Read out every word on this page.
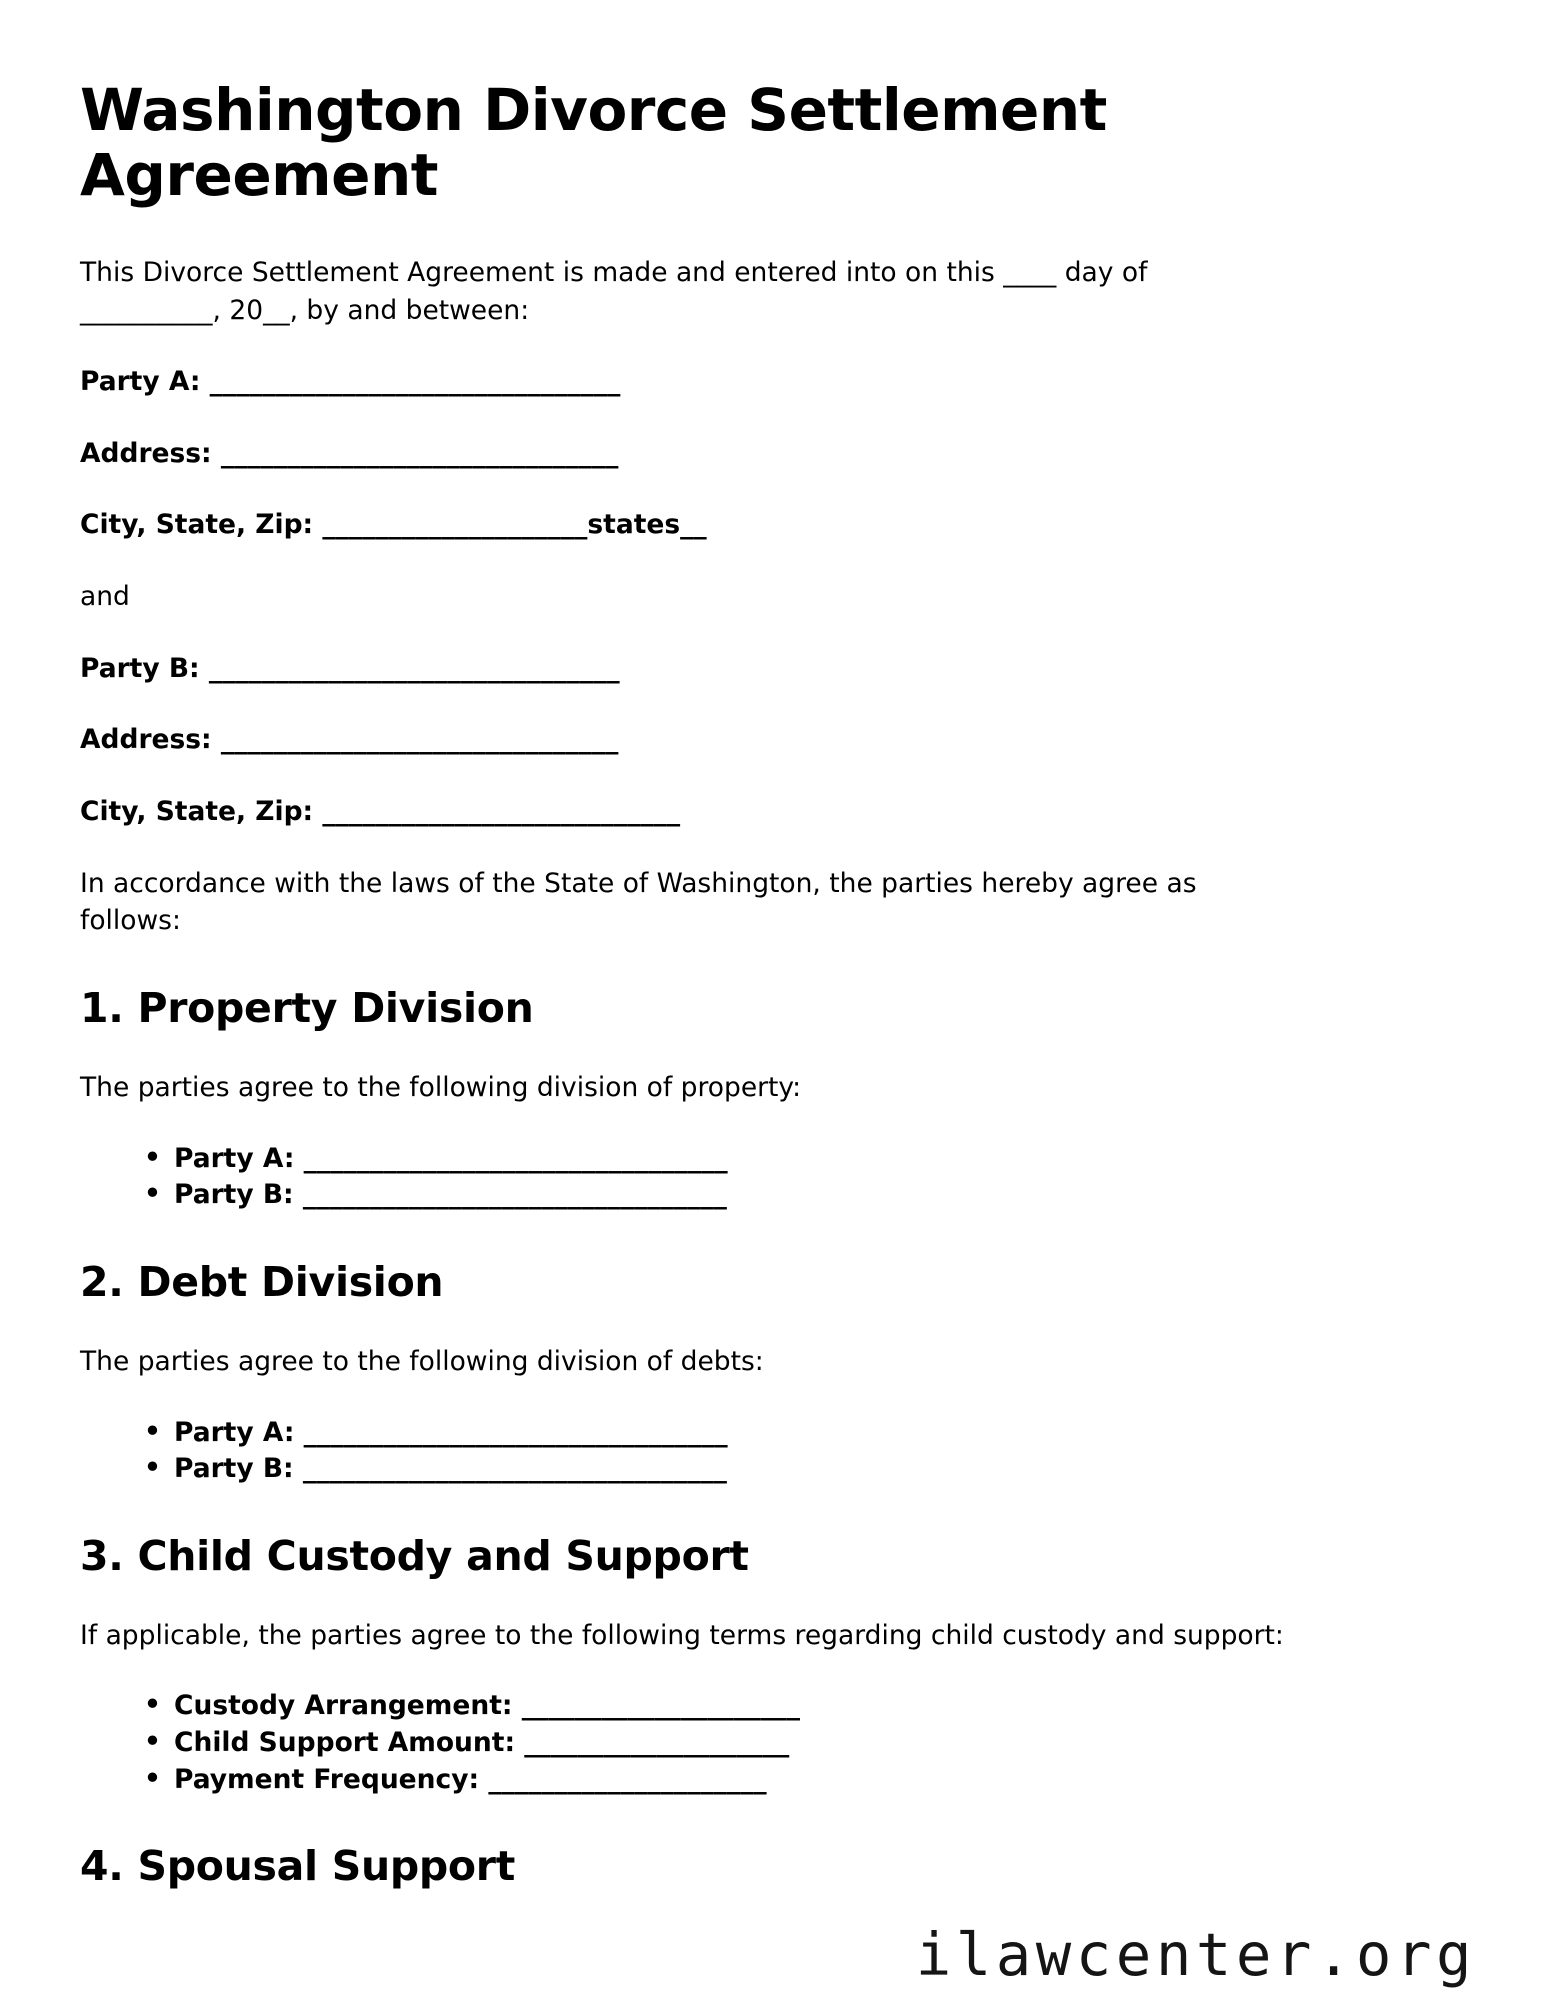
Washington Divorce Settlement Agreement

This Divorce Settlement Agreement is made and entered into on this ____ day of __________, 20__, by and between:

Party A: _______________________________

Address: ______________________________

City, State, Zip: ____________________states__

and

Party B: _______________________________

Address: ______________________________

City, State, Zip: ___________________________

In accordance with the laws of the State of Washington, the parties hereby agree as follows:

1. Property Division

The parties agree to the following division of property:

• Party A: ________________________________
• Party B: ________________________________
2. Debt Division

The parties agree to the following division of debts:

• Party A: ________________________________
• Party B: ________________________________
3. Child Custody and Support

If applicable, the parties agree to the following terms regarding child custody and support:

• Custody Arrangement: _____________________
• Child Support Amount: ____________________
• Payment Frequency: _____________________
4. Spousal Support
ilawcenter.org
